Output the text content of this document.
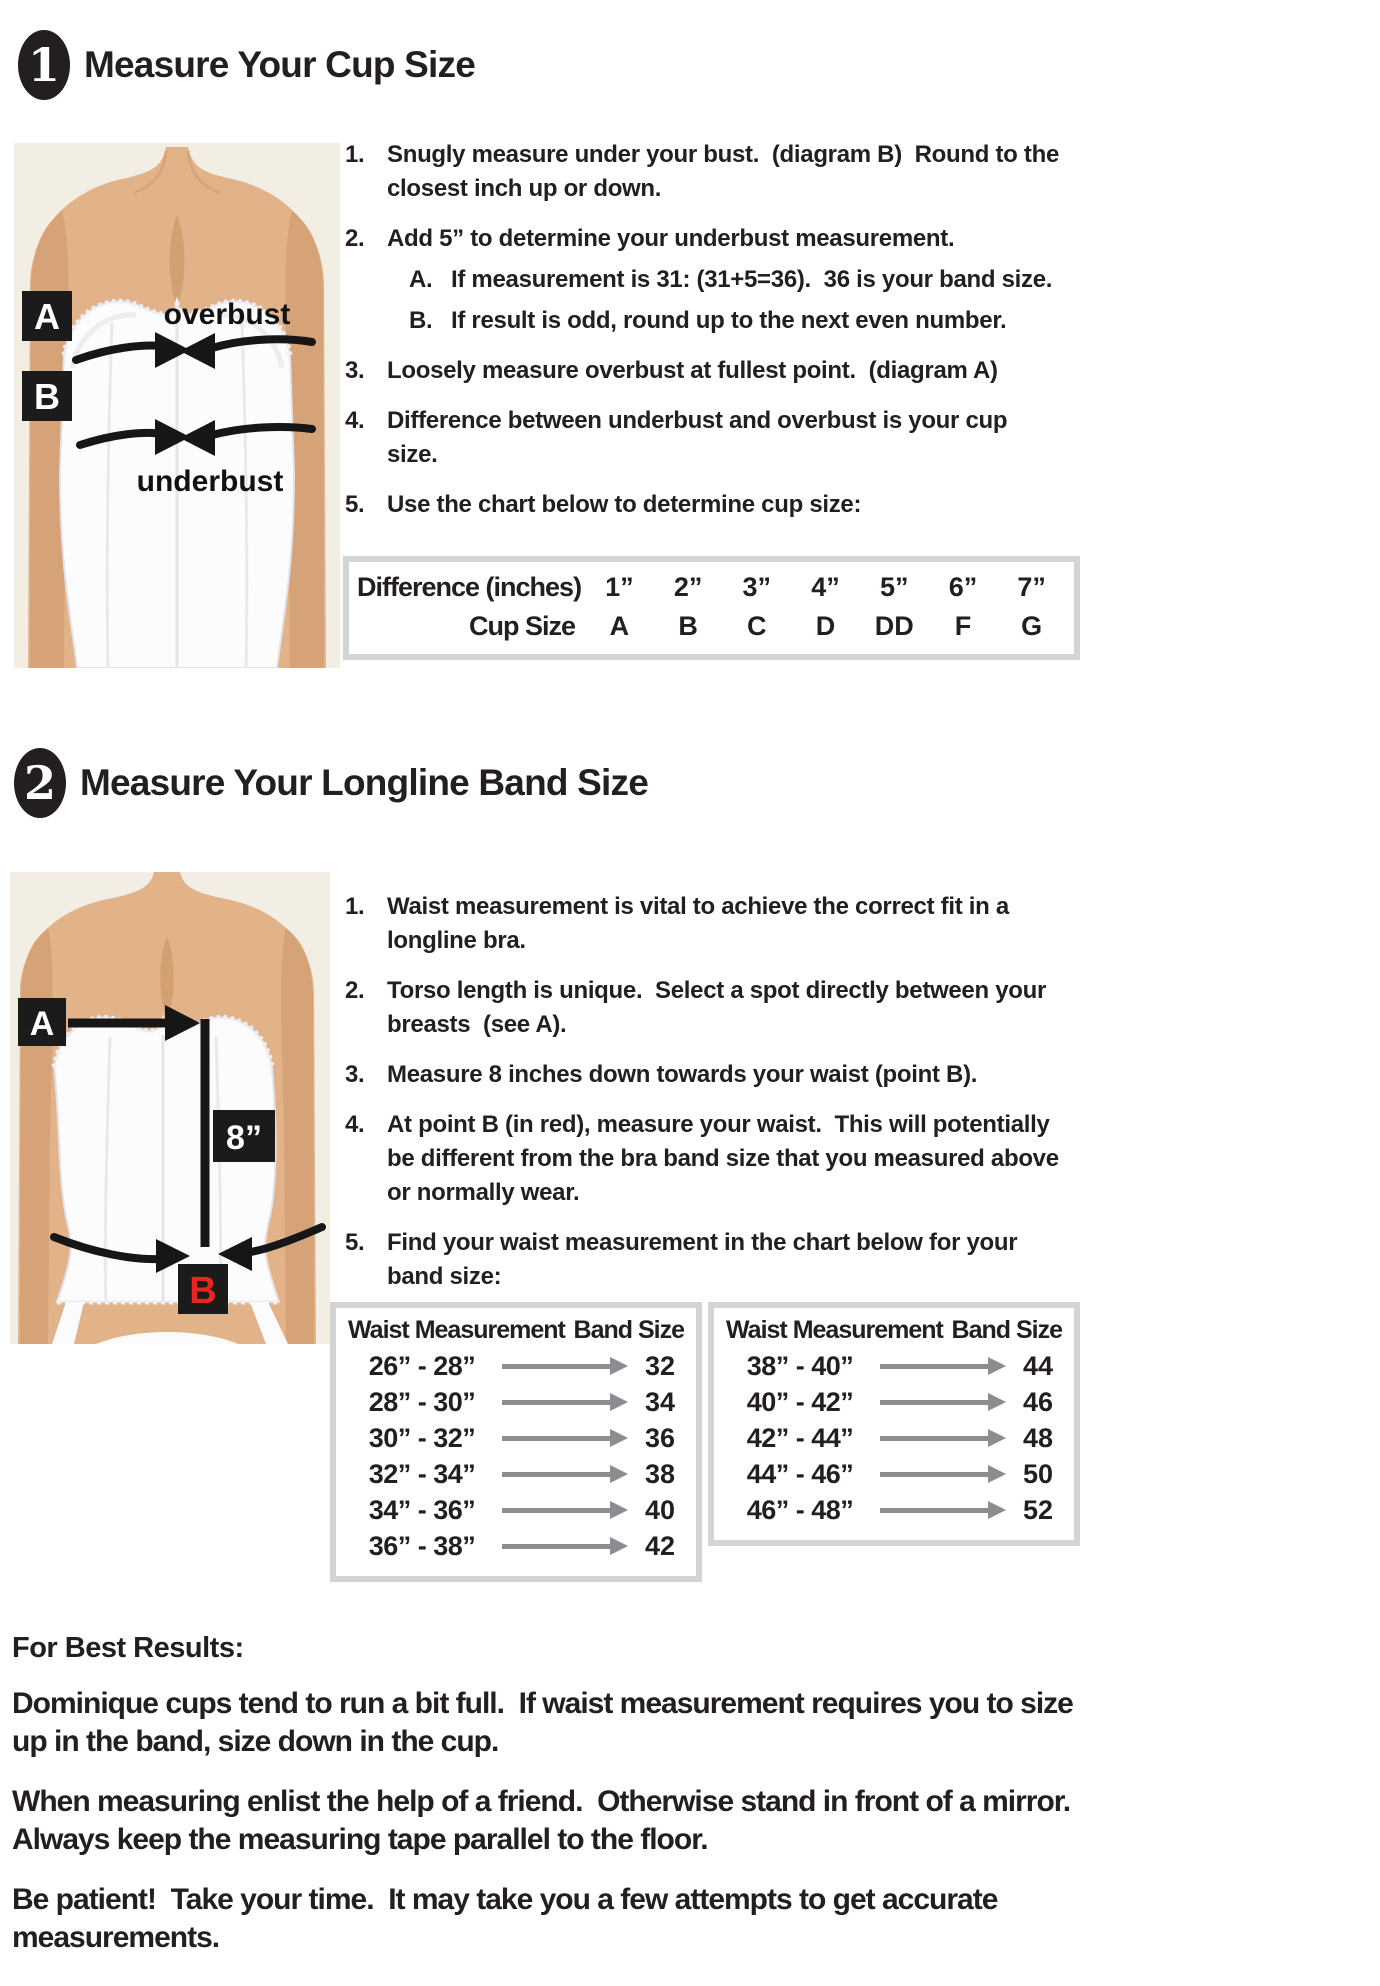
1 Measure Your Cup Size
overbust
A
B
underbust
1. Snugly measure under your bust.  (diagram B)  Round to the
closest inch up or down.
2. Add 5” to determine your underbust measurement.
A. If measurement is 31: (31+5=36).  36 is your band size.
B. If result is odd, round up to the next even number.
3. Loosely measure overbust at fullest point.  (diagram A)
4. Difference between underbust and overbust is your cup
size.
5. Use the chart below to determine cup size:
Difference (inches) 1”	2”	3”	4”	5”	6”	7”
Cup Size	A	B	C	D	DD	F	G
2 Measure Your Longline Band Size
A
8”
B
1. Waist measurement is vital to achieve the correct fit in a
longline bra.
2. Torso length is unique.  Select a spot directly between your
breasts  (see A).
3. Measure 8 inches down towards your waist (point B).
4. At point B (in red), measure your waist.  This will potentially
be different from the bra band size that you measured above
or normally wear.
5. Find your waist measurement in the chart below for your
band size:
Waist Measurement Band Size
26” - 28”	32
28” - 30”	34
30” - 32”	36
32” - 34”	38
34” - 36”	40
36” - 38”	42
Waist Measurement Band Size
38” - 40”	44
40” - 42”	46
42” - 44”	48
44” - 46”	50
46” - 48”	52
For Best Results:
Dominique cups tend to run a bit full.  If waist measurement requires you to size
up in the band, size down in the cup.
When measuring enlist the help of a friend.  Otherwise stand in front of a mirror.
Always keep the measuring tape parallel to the floor.
Be patient!  Take your time.  It may take you a few attempts to get accurate
measurements.
